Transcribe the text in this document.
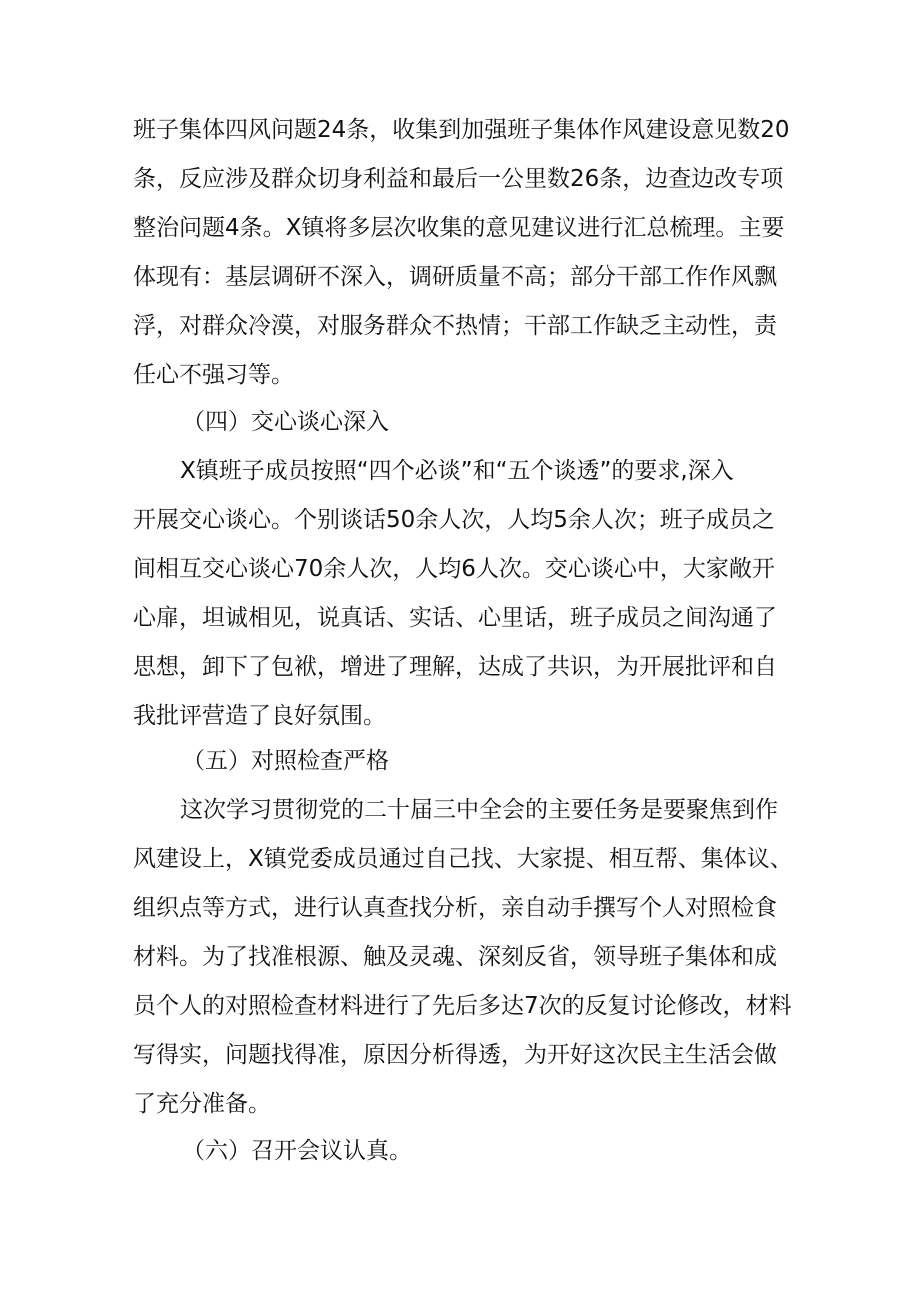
班子集体四风问题24条，收集到加强班子集体作风建设意见数20
条，反应涉及群众切身利益和最后一公里数26条，边查边改专项
整治问题4条。X镇将多层次收集的意见建议进行汇总梳理。主要
体现有：基层调研不深入，调研质量不高；部分干部工作作风飘
浮，对群众冷漠，对服务群众不热情；干部工作缺乏主动性，责
任心不强习等。
（四）交心谈心深入
X镇班子成员按照“四个必谈”和“五个谈透”的要求,深入
开展交心谈心。个别谈话50余人次，人均5余人次；班子成员之
间相互交心谈心70余人次，人均6人次。交心谈心中，大家敞开
心扉，坦诚相见，说真话、实话、心里话，班子成员之间沟通了
思想，卸下了包袱，增进了理解，达成了共识，为开展批评和自
我批评营造了良好氛围。
（五）对照检查严格
这次学习贯彻党的二十届三中全会的主要任务是要聚焦到作
风建设上，X镇党委成员通过自己找、大家提、相互帮、集体议、
组织点等方式，进行认真查找分析，亲自动手撰写个人对照检食
材料。为了找准根源、触及灵魂、深刻反省，领导班子集体和成
员个人的对照检查材料进行了先后多达7次的反复讨论修改，材料
写得实，问题找得准，原因分析得透，为开好这次民主生活会做
了充分准备。
（六）召开会议认真。
